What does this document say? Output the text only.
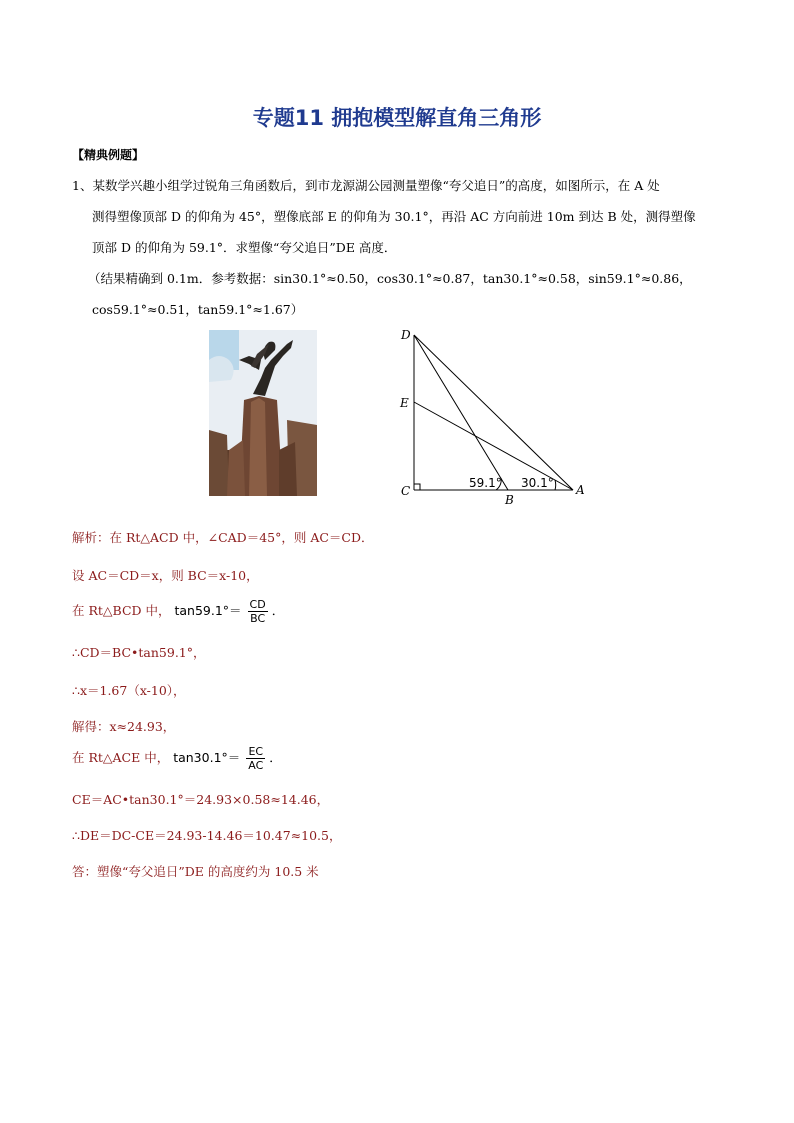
专题11 拥抱模型解直角三角形
【精典例题】
1、某数学兴趣小组学过锐角三角函数后，到市龙源湖公园测量塑像“夸父追日”的高度，如图所示，在 A 处
测得塑像顶部 D 的仰角为 45°，塑像底部 E 的仰角为 30.1°，再沿 AC 方向前进 10m 到达 B 处，测得塑像
顶部 D 的仰角为 59.1°．求塑像“夸父追日”DE 高度．
（结果精确到 0.1m．参考数据：sin30.1°≈0.50，cos30.1°≈0.87，tan30.1°≈0.58，sin59.1°≈0.86，
cos59.1°≈0.51，tan59.1°≈1.67）
D
E
C
B
A
59.1° 30.1°
解析：在 Rt△ACD 中，∠CAD＝45°，则 AC＝CD．
设 AC＝CD＝x，则 BC＝x-10，
在 Rt△BCD 中， $\tan 59.1^\circ= \frac{CD}{BC}$ ．
∴CD＝BC•tan59.1°，
∴x＝1.67（x-10），
解得：x≈24.93，
在 Rt△ACE 中， $\tan 30.1^\circ= \frac{EC}{AC}$ ．
CE＝AC•tan30.1°＝24.93×0.58≈14.46，
∴DE＝DC-CE＝24.93-14.46＝10.47≈10.5，
答：塑像“夸父追日”DE 的高度约为 10.5 米
